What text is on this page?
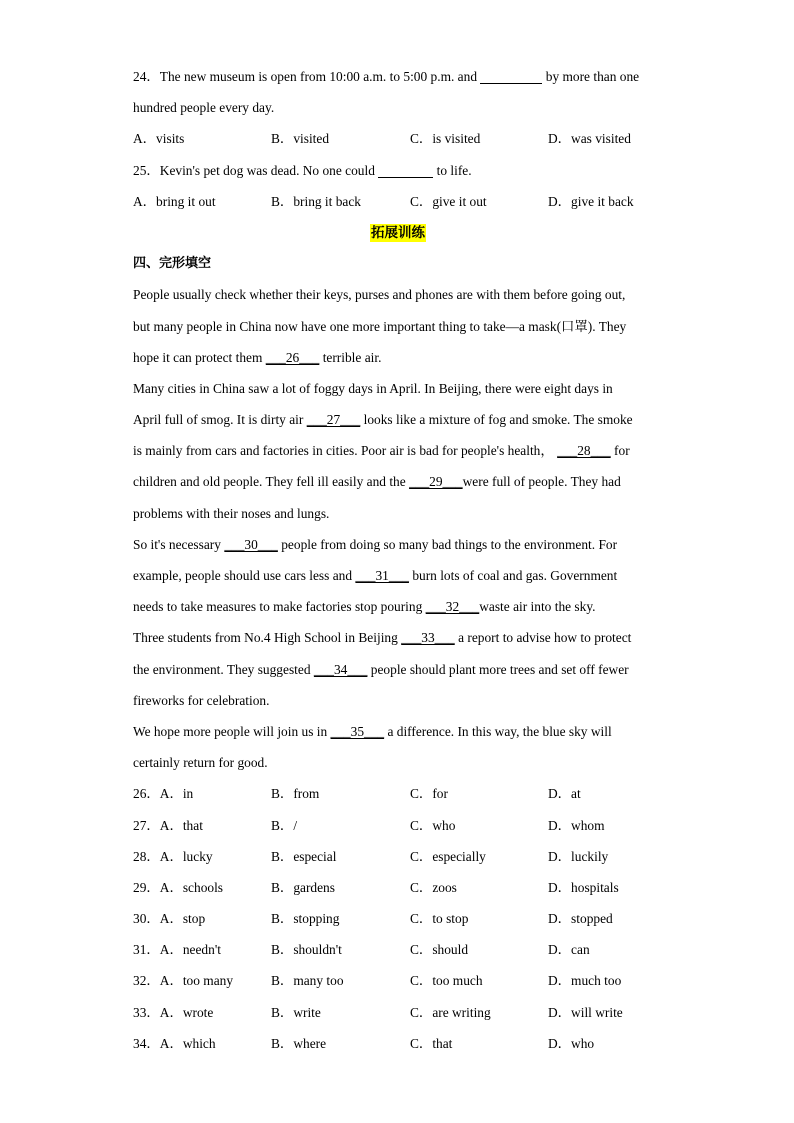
24．The new museum is open from 10:00 a.m. to 5:00 p.m. and	by more than one
hundred people every day.
A．visits	B．visited	C．is visited	D．was visited
25．Kevin's pet dog was dead. No one could	to life.
A．bring it out	B．bring it back	C．give it out	D．give it back
拓展训练
四、完形填空
People usually check whether their keys, purses and phones are with them before going out,
but many people in China now have one more important thing to take—a mask(口罩). They
hope it can protect them ___26___ terrible air.
Many cities in China saw a lot of foggy days in April. In Beijing, there were eight days in
April full of smog. It is dirty air ___27___ looks like a mixture of fog and smoke. The smoke
is mainly from cars and factories in cities. Poor air is bad for people's health， ___28___ for
children and old people. They fell ill easily and the ___29___were full of people. They had
problems with their noses and lungs.
So it's necessary ___30___ people from doing so many bad things to the environment. For
example, people should use cars less and ___31___ burn lots of coal and gas. Government
needs to take measures to make factories stop pouring ___32___waste air into the sky.
Three students from No.4 High School in Beijing ___33___ a report to advise how to protect
the environment. They suggested ___34___ people should plant more trees and set off fewer
fireworks for celebration.
We hope more people will join us in ___35___ a difference. In this way, the blue sky will
certainly return for good.
26．A．in	B．from	C．for	D．at
27．A．that	B．/	C．who	D．whom
28．A．lucky	B．especial	C．especially	D．luckily
29．A．schools	B．gardens	C．zoos	D．hospitals
30．A．stop	B．stopping	C．to stop	D．stopped
31．A．needn't	B．shouldn't	C．should	D．can
32．A．too many	B．many too	C．too much	D．much too
33．A．wrote	B．write	C．are writing	D．will write
34．A．which	B．where	C．that	D．who
